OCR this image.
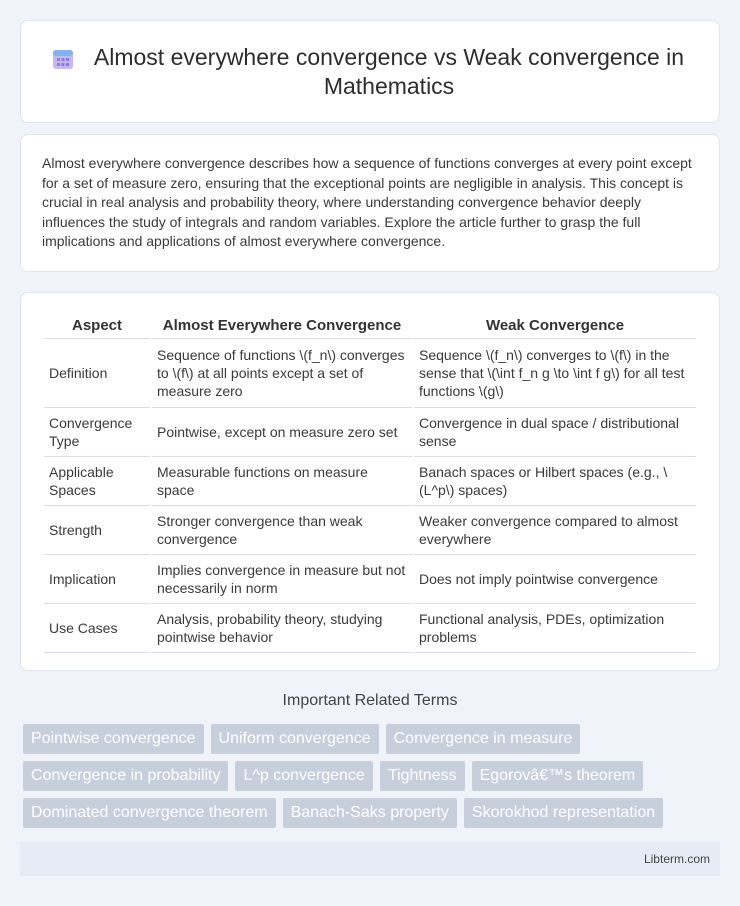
Almost everywhere convergence vs Weak convergence in Mathematics

Almost everywhere convergence describes how a sequence of functions converges at every point except for a set of measure zero, ensuring that the exceptional points are negligible in analysis. This concept is crucial in real analysis and probability theory, where understanding convergence behavior deeply influences the study of integrals and random variables. Explore the article further to grasp the full implications and applications of almost everywhere convergence.

Aspect	Almost Everywhere Convergence	Weak Convergence
Definition	Sequence of functions \(f_n\) converges to \(f\) at all points except a set of measure zero	Sequence \(f_n\) converges to \(f\) in the sense that \(\int f_n g \to \int f g\) for all test functions \(g\)
Convergence Type	Pointwise, except on measure zero set	Convergence in dual space / distributional sense
Applicable Spaces	Measurable functions on measure space	Banach spaces or Hilbert spaces (e.g., \(L^p\) spaces)
Strength	Stronger convergence than weak convergence	Weaker convergence compared to almost everywhere
Implication	Implies convergence in measure but not necessarily in norm	Does not imply pointwise convergence
Use Cases	Analysis, probability theory, studying pointwise behavior	Functional analysis, PDEs, optimization problems
Important Related Terms
Pointwise convergence	Uniform convergence	Convergence in measure
Convergence in probability	L^p convergence	Tightness	Egorovâ€™s theorem
Dominated convergence theorem	Banach-Saks property	Skorokhod representation
Libterm.com
